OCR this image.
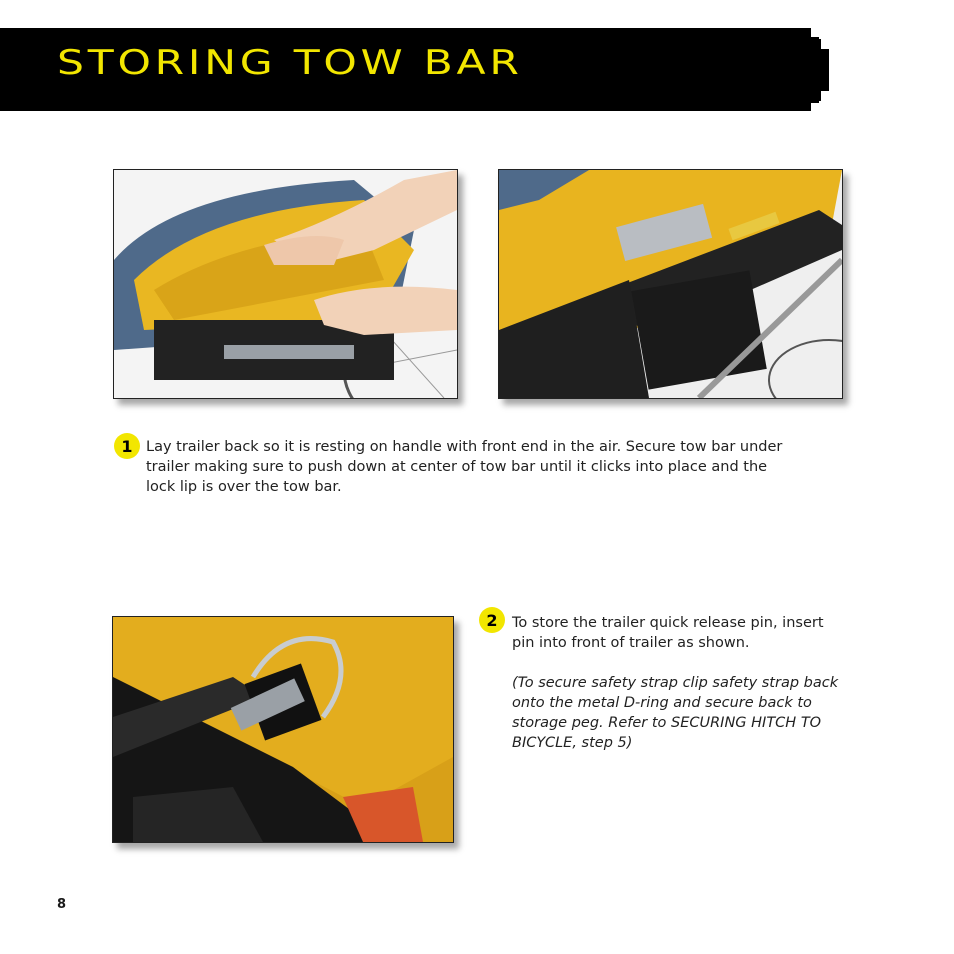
STORING TOW BAR
1 Lay trailer back so it is resting on handle with front end in the air. Secure tow bar under trailer making sure to push down at center of tow bar until it clicks into place and the lock lip is over the tow bar.

2 To store the trailer quick release pin, insert pin into front of trailer as shown.

(To secure safety strap clip safety strap back onto the metal D-ring and secure back to storage peg. Refer to SECURING HITCH TO BICYCLE, step 5)

8
